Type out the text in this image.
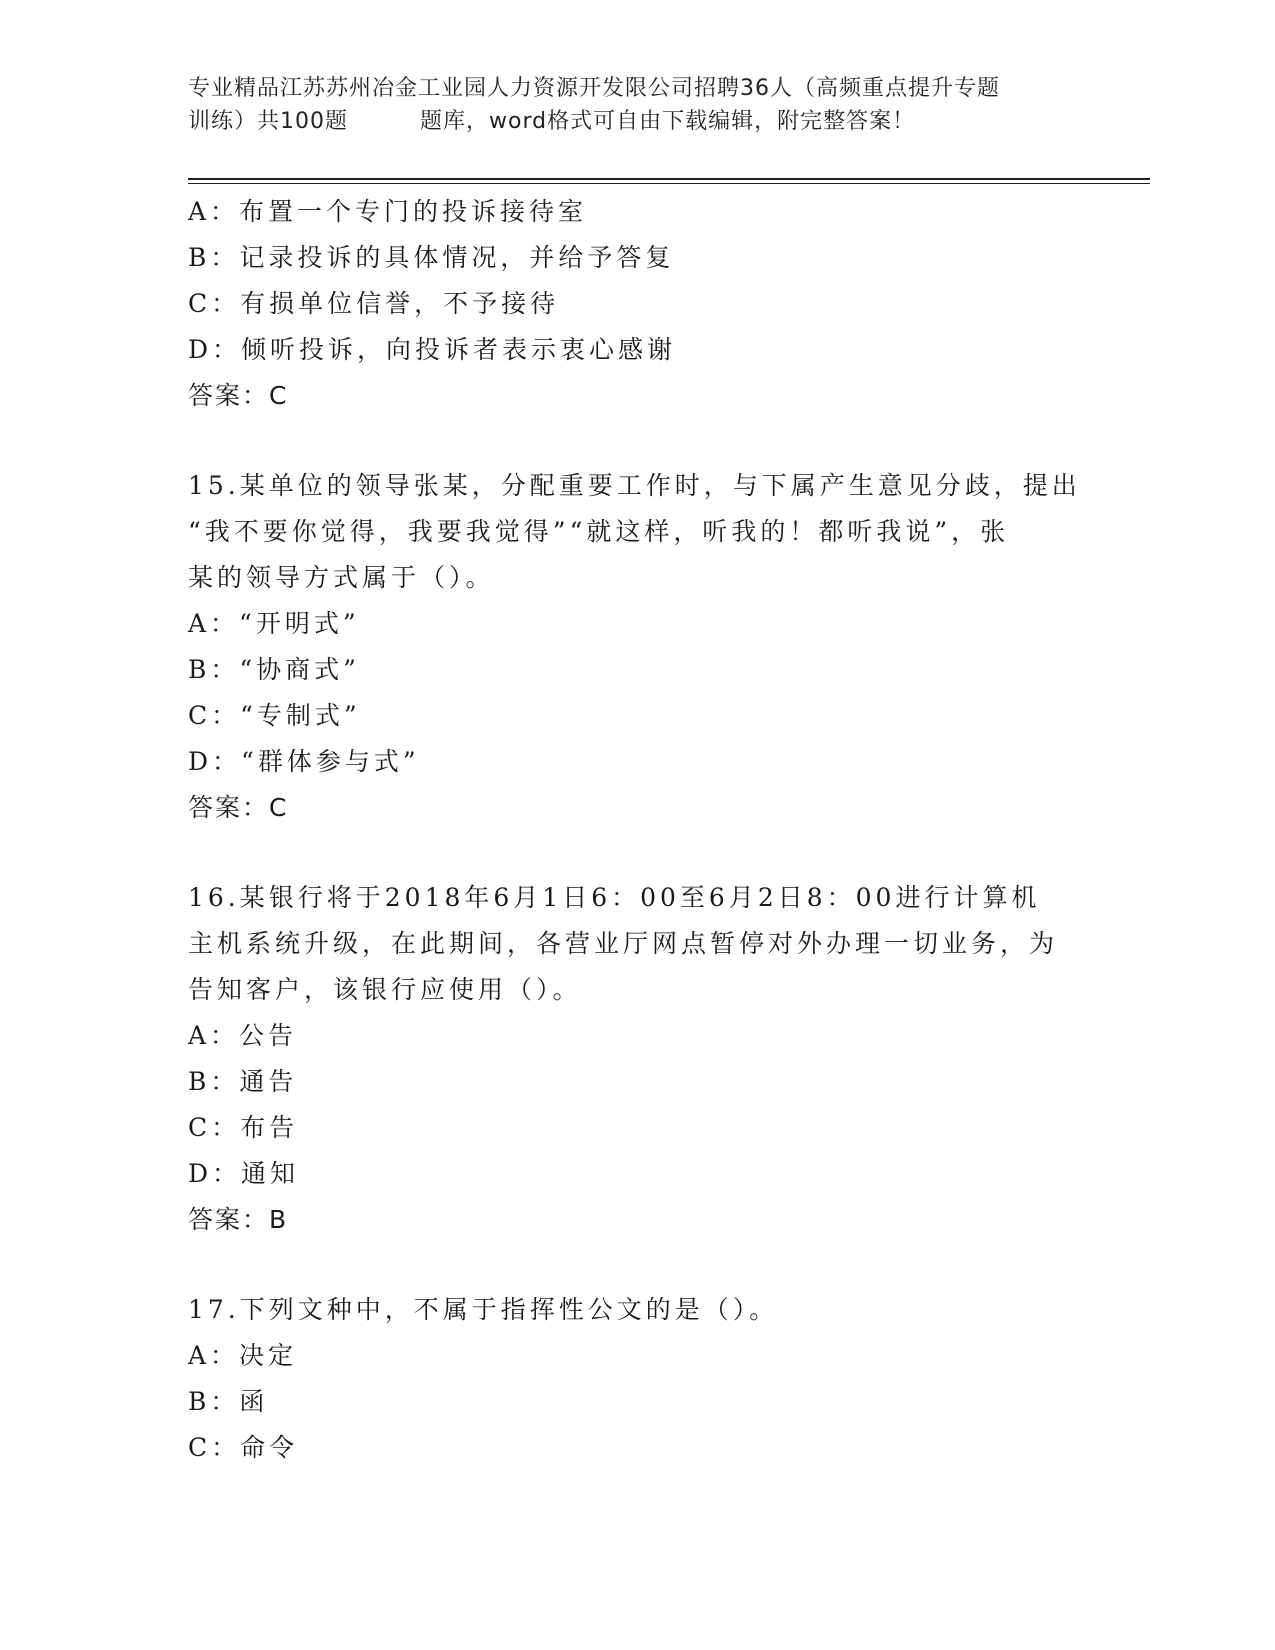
专业精品江苏苏州冶金工业园人力资源开发限公司招聘36人（高频重点提升专题
训练）共100题	题库，word格式可自由下载编辑，附完整答案！
A：布置一个专门的投诉接待室
B：记录投诉的具体情况，并给予答复
C：有损单位信誉，不予接待
D：倾听投诉，向投诉者表示衷心感谢
答案：C
15.某单位的领导张某，分配重要工作时，与下属产生意见分歧，提出
“我不要你觉得，我要我觉得”“就这样，听我的！都听我说”，张
某的领导方式属于（）。
A：“开明式”
B：“协商式”
C：“专制式”
D：“群体参与式”
答案：C
16.某银行将于2018年6月1日6：00至6月2日8：00进行计算机
主机系统升级，在此期间，各营业厅网点暂停对外办理一切业务，为
告知客户，该银行应使用（）。
A：公告
B：通告
C：布告
D：通知
答案：B
17.下列文种中，不属于指挥性公文的是（）。
A：决定
B：函
C：命令
